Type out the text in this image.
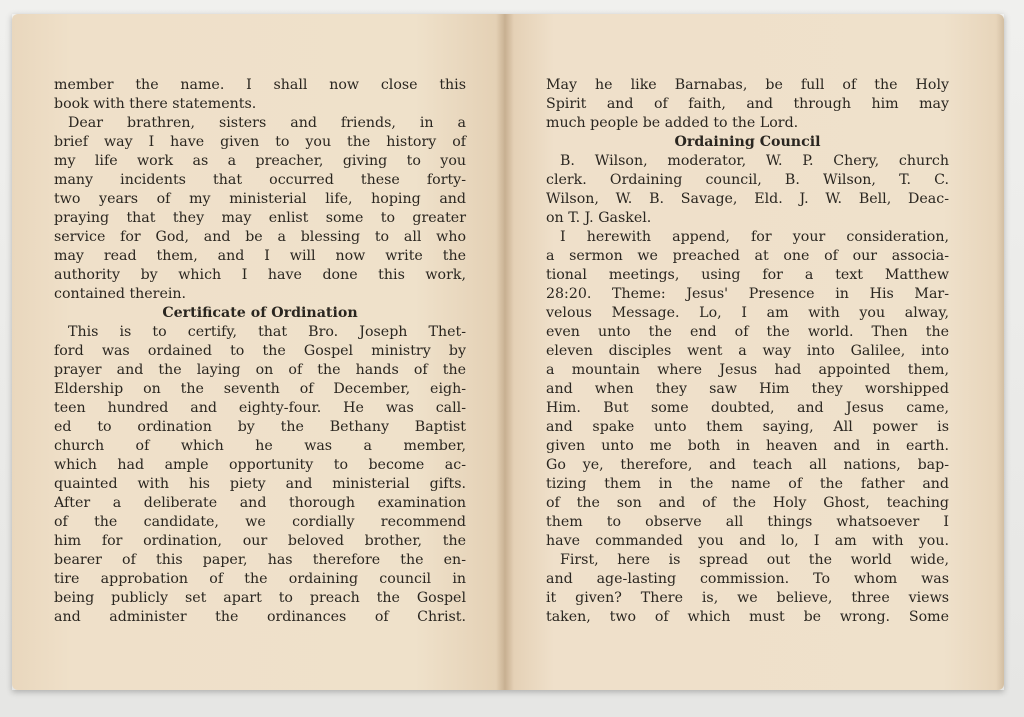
member the name. I shall now close this
book with there statements.
Dear brathren, sisters and friends, in a
brief way I have given to you the history of
my life work as a preacher, giving to you
many incidents that occurred these forty-
two years of my ministerial life, hoping and
praying that they may enlist some to greater
service for God, and be a blessing to all who
may read them, and I will now write the
authority by which I have done this work,
contained therein.
Certificate of Ordination
This is to certify, that Bro. Joseph Thet-
ford was ordained to the Gospel ministry by
prayer and the laying on of the hands of the
Eldership on the seventh of December, eigh-
teen hundred and eighty-four. He was call-
ed to ordination by the Bethany Baptist
church of which he was a member,
which had ample opportunity to become ac-
quainted with his piety and ministerial gifts.
After a deliberate and thorough examination
of the candidate, we cordially recommend
him for ordination, our beloved brother, the
bearer of this paper, has therefore the en-
tire approbation of the ordaining council in
being publicly set apart to preach the Gospel
and administer the ordinances of Christ.
May he like Barnabas, be full of the Holy
Spirit and of faith, and through him may
much people be added to the Lord.
Ordaining Council
B. Wilson, moderator, W. P. Chery, church
clerk. Ordaining council, B. Wilson, T. C.
Wilson, W. B. Savage, Eld. J. W. Bell, Deac-
on T. J. Gaskel.
I herewith append, for your consideration,
a sermon we preached at one of our associa-
tional meetings, using for a text Matthew
28:20. Theme: Jesus' Presence in His Mar-
velous Message. Lo, I am with you alway,
even unto the end of the world. Then the
eleven disciples went a way into Galilee, into
a mountain where Jesus had appointed them,
and when they saw Him they worshipped
Him. But some doubted, and Jesus came,
and spake unto them saying, All power is
given unto me both in heaven and in earth.
Go ye, therefore, and teach all nations, bap-
tizing them in the name of the father and
of the son and of the Holy Ghost, teaching
them to observe all things whatsoever I
have commanded you and lo, I am with you.
First, here is spread out the world wide,
and age-lasting commission. To whom was
it given? There is, we believe, three views
taken, two of which must be wrong. Some
